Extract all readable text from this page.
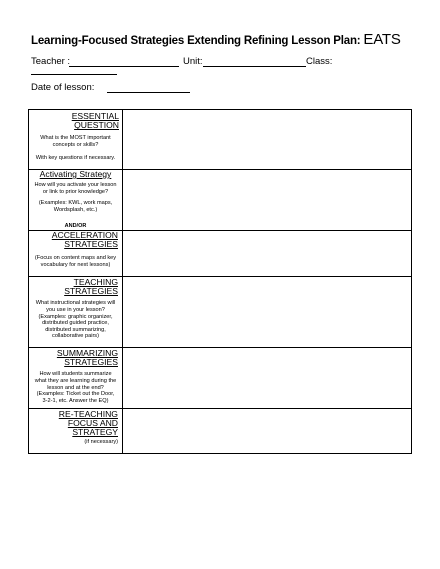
Learning-Focused Strategies Extending Refining Lesson Plan: EATS
Teacher :	Unit:	Class:
Date of lesson:
ESSENTIAL QUESTION
What is the MOST important
concepts or skills?
With key questions if necessary.
Activating Strategy
How will you activate your lesson
or link to prior knowledge?
(Examples: KWL, work maps,
Wordsplash, etc.)
AND/OR
ACCELERATION STRATEGIES
(Focus on content maps and key
vocabulary for next lessons)
TEACHING STRATEGIES
What instructional strategies will
you use in your lesson?
(Examples: graphic organizer,
distributed guided practice,
distributed summarizing,
collaborative pairs)
SUMMARIZING STRATEGIES
How will students summarize
what they are learning during the
lesson and at the end?
(Examples: Ticket out the Door,
3-2-1, etc. Answer the EQ)
RE-TEACHING FOCUS AND STRATEGY
(if necessary)
